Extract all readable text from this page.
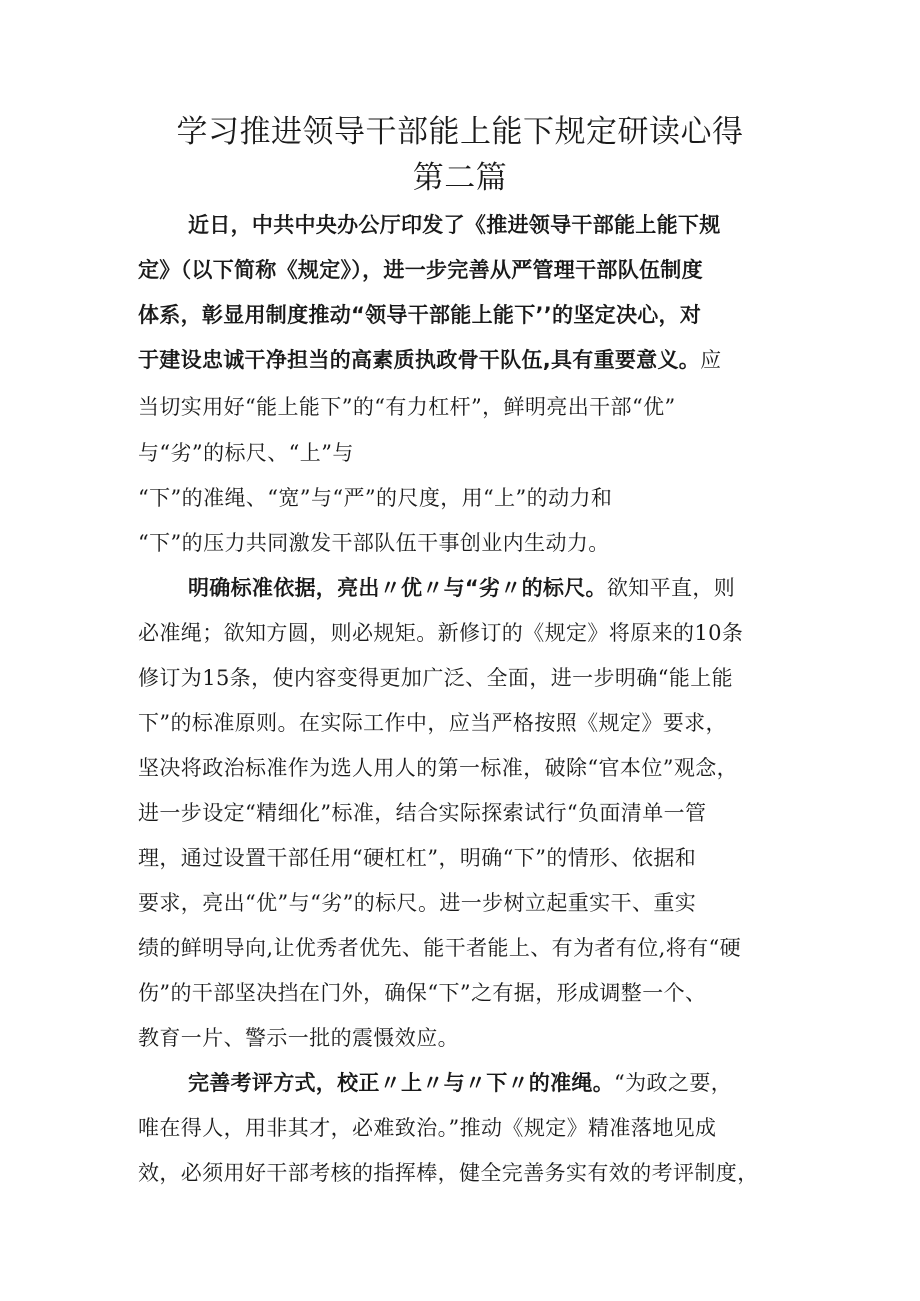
学习推进领导干部能上能下规定研读心得
第二篇
近日，中共中央办公厅印发了《推进领导干部能上能下规
定》（以下简称《规定》），进一步完善从严管理干部队伍制度
体系，彰显用制度推动“领导干部能上能下’’的坚定决心，对
于建设忠诚干净担当的高素质执政骨干队伍,具有重要意义。应
当切实用好“能上能下”的“有力杠杆”，鲜明亮出干部“优”
与“劣”的标尺、“上”与
“下”的准绳、“宽”与“严”的尺度，用“上”的动力和
“下”的压力共同激发干部队伍干事创业内生动力。
明确标准依据，亮出〃优〃与“劣〃的标尺。欲知平直，则
必准绳；欲知方圆，则必规矩。新修订的《规定》将原来的10条
修订为15条，使内容变得更加广泛、全面，进一步明确“能上能
下”的标准原则。在实际工作中，应当严格按照《规定》要求，
坚决将政治标准作为选人用人的第一标准，破除“官本位”观念，
进一步设定“精细化”标准，结合实际探索试行“负面清单一管
理，通过设置干部任用“硬杠杠”，明确“下”的情形、依据和
要求，亮出“优”与“劣”的标尺。进一步树立起重实干、重实
绩的鲜明导向,让优秀者优先、能干者能上、有为者有位,将有“硬
伤”的干部坚决挡在门外，确保“下”之有据，形成调整一个、
教育一片、警示一批的震慑效应。
完善考评方式，校正〃上〃与〃下〃的准绳。“为政之要，
唯在得人，用非其才，必难致治。”推动《规定》精准落地见成
效，必须用好干部考核的指挥棒，健全完善务实有效的考评制度，
